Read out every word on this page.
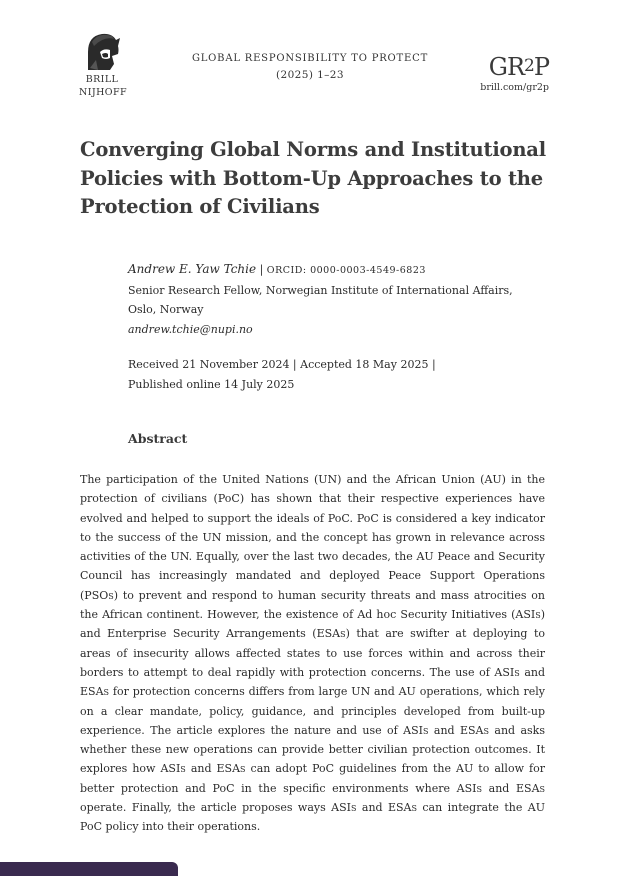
BRILL
NIJHOFF
GLOBAL RESPONSIBILITY TO PROTECT
(2025) 1–23	$GR^2P$
brill.com/gr2p
Converging Global Norms and Institutional Policies with Bottom-Up Approaches to the Protection of Civilians
Andrew E. Yaw Tchie | ORCID: 0000-0003-4549-6823
Senior Research Fellow, Norwegian Institute of International Affairs,
Oslo, Norway
andrew.tchie@nupi.no
Received 21 November 2024 | Accepted 18 May 2025 |
Published online 14 July 2025
Abstract

The participation of the United Nations (UN) and the African Union (AU) in the protection of civilians (PoC) has shown that their respective experiences have evolved and helped to support the ideals of PoC. PoC is considered a key indicator to the success of the UN mission, and the concept has grown in relevance across activities of the UN. Equally, over the last two decades, the AU Peace and Security Council has increasingly mandated and deployed Peace Support Operations (PSOs) to prevent and respond to human security threats and mass atrocities on the African continent. However, the existence of Ad hoc Security Initiatives (ASIs) and Enterprise Security Arrangements (ESAs) that are swifter at deploying to areas of insecurity allows affected states to use forces within and across their borders to attempt to deal rapidly with protection concerns. The use of ASIs and ESAs for protection concerns differs from large UN and AU operations, which rely on a clear mandate, policy, guidance, and principles developed from built-up experience. The article explores the nature and use of ASIs and ESAs and asks whether these new operations can provide better civilian protection outcomes. It explores how ASIs and ESAs can adopt PoC guidelines from the AU to allow for better protection and PoC in the specific environments where ASIs and ESAs operate. Finally, the article proposes ways ASIs and ESAs can integrate the AU PoC policy into their operations.
